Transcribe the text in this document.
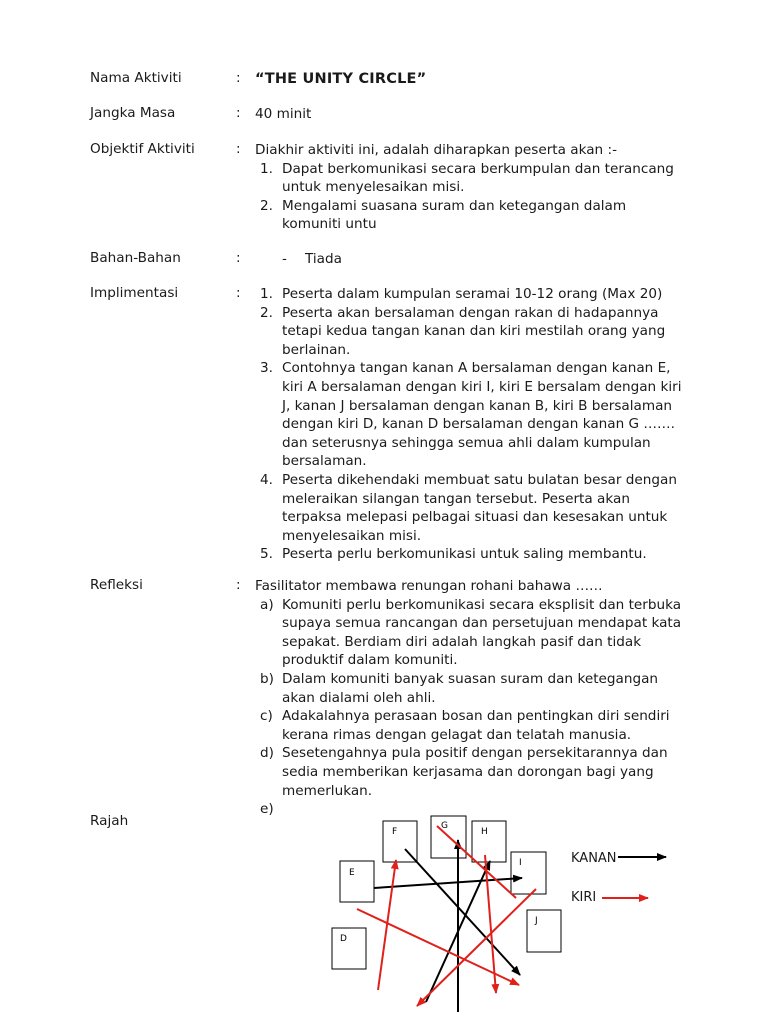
Nama Aktiviti	: “THE UNITY CIRCLE”
Jangka Masa	: 40 minit
Objektif Aktiviti	: Diakhir aktiviti ini, adalah diharapkan peserta akan :-
1. Dapat berkomunikasi secara berkumpulan dan terancang untuk menyelesaikan misi.
2. Mengalami suasana suram dan ketegangan dalam komuniti untu
Bahan-Bahan	:	- Tiada
Implimentasi	: 1. Peserta dalam kumpulan seramai 10-12 orang (Max 20)
2. Peserta akan bersalaman dengan rakan di hadapannya tetapi kedua tangan kanan dan kiri mestilah orang yang berlainan.
3. Contohnya tangan kanan A bersalaman dengan kanan E, kiri A bersalaman dengan kiri I, kiri E bersalam dengan kiri J, kanan J bersalaman dengan kanan B, kiri B bersalaman dengan kiri D, kanan D bersalaman dengan kanan G ……. dan seterusnya sehingga semua ahli dalam kumpulan bersalaman.
4. Peserta dikehendaki membuat satu bulatan besar dengan meleraikan silangan tangan tersebut. Peserta akan terpaksa melepasi pelbagai situasi dan kesesakan untuk menyelesaikan misi.
5. Peserta perlu berkomunikasi untuk saling membantu.
Refleksi	: Fasilitator membawa renungan rohani bahawa ……
a) Komuniti perlu berkomunikasi secara eksplisit dan terbuka supaya semua rancangan dan persetujuan mendapat kata sepakat. Berdiam diri adalah langkah pasif dan tidak produktif dalam komuniti.
b) Dalam komuniti banyak suasan suram dan ketegangan akan dialami oleh ahli.
c) Adakalahnya perasaan bosan dan pentingkan diri sendiri kerana rimas dengan gelagat dan telatah manusia.
d) Sesetengahnya pula positif dengan persekitarannya dan sedia memberikan kerjasama dan dorongan bagi yang memerlukan.
e)
Rajah
F
G
H
I
E
J
D
KANAN
KIRI
